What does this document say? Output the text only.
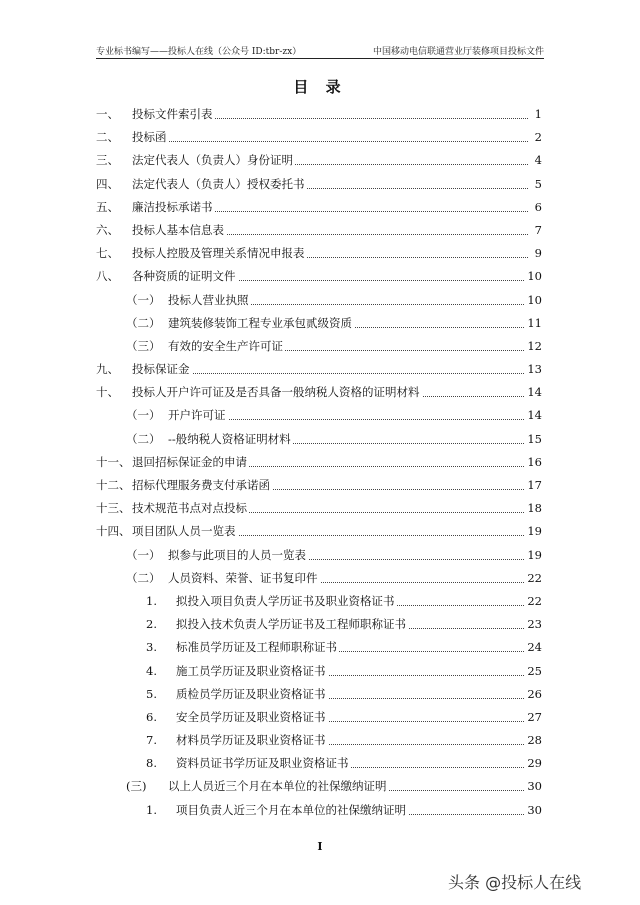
专业标书编写——投标人在线（公众号 ID:tbr-zx）	中国移动电信联通营业厅装修项目投标文件
目 录
一、 投标文件索引表	1
二、 投标函	2
三、 法定代表人（负责人）身份证明	4
四、 法定代表人（负责人）授权委托书	5
五、 廉洁投标承诺书	6
六、 投标人基本信息表	7
七、 投标人控股及管理关系情况申报表	9
八、 各种资质的证明文件	10
（一） 投标人营业执照	10
（二） 建筑装修装饰工程专业承包贰级资质	11
（三） 有效的安全生产许可证	12
九、 投标保证金	13
十、 投标人开户许可证及是否具备一般纳税人资格的证明材料	14
（一） 开户许可证	14
（二） --般纳税人资格证明材料	15
十一、 退回招标保证金的申请	16
十二、 招标代理服务费支付承诺函	17
十三、 技术规范书点对点投标	18
十四、 项目团队人员一览表	19
（一） 拟参与此项目的人员一览表	19
（二） 人员资料、荣誉、证书复印件	22
1. 拟投入项目负责人学历证书及职业资格证书	22
2. 拟投入技术负责人学历证书及工程师职称证书	23
3. 标准员学历证及工程师职称证书	24
4. 施工员学历证及职业资格证书	25
5. 质检员学历证及职业资格证书	26
6. 安全员学历证及职业资格证书	27
7. 材料员学历证及职业资格证书	28
8. 资料员证书学历证及职业资格证书	29
(三) 以上人员近三个月在本单位的社保缴纳证明	30
1. 项目负责人近三个月在本单位的社保缴纳证明	30
I
头条 @投标人在线
